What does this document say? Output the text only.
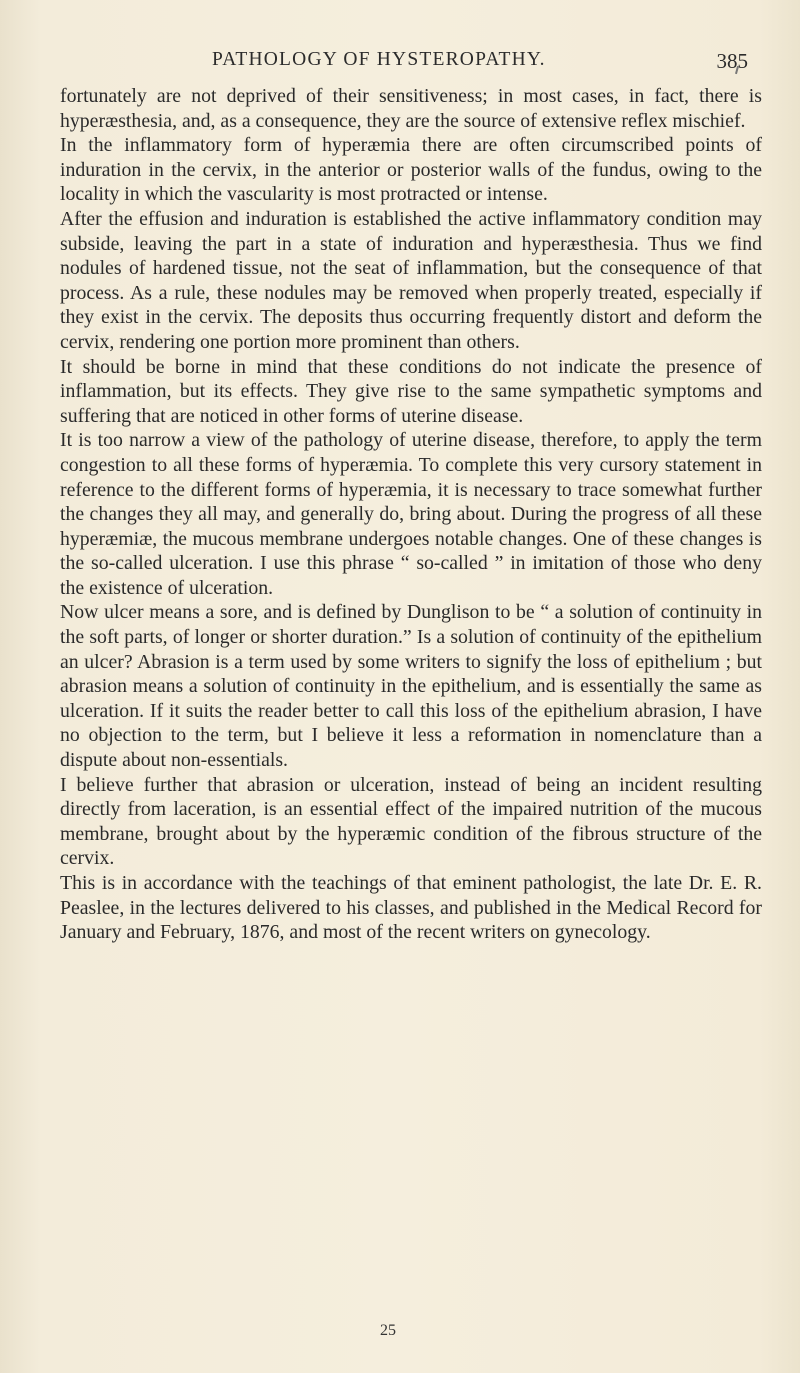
PATHOLOGY OF HYSTEROPATHY.	385

fortunately are not deprived of their sensitiveness; in most cases, in fact, there is hyperæsthesia, and, as a consequence, they are the source of extensive reflex mischief.

In the inflammatory form of hyperæmia there are often circumscribed points of induration in the cervix, in the anterior or posterior walls of the fundus, owing to the locality in which the vascularity is most protracted or intense.

After the effusion and induration is established the active inflammatory condition may subside, leaving the part in a state of induration and hyperæsthesia. Thus we find nodules of hardened tissue, not the seat of inflammation, but the consequence of that process. As a rule, these nodules may be removed when properly treated, especially if they exist in the cervix. The deposits thus occurring frequently distort and deform the cervix, rendering one portion more prominent than others.

It should be borne in mind that these conditions do not indicate the presence of inflammation, but its effects. They give rise to the same sympathetic symptoms and suffering that are noticed in other forms of uterine disease.

It is too narrow a view of the pathology of uterine disease, therefore, to apply the term congestion to all these forms of hyperæmia. To complete this very cursory statement in reference to the different forms of hyperæmia, it is necessary to trace somewhat further the changes they all may, and generally do, bring about. During the progress of all these hyperæmiæ, the mucous membrane undergoes notable changes. One of these changes is the so-called ulceration. I use this phrase “ so-called ” in imitation of those who deny the existence of ulceration.

Now ulcer means a sore, and is defined by Dunglison to be “ a solution of continuity in the soft parts, of longer or shorter duration.” Is a solution of continuity of the epithelium an ulcer? Abrasion is a term used by some writers to signify the loss of epithelium ; but abrasion means a solution of continuity in the epithelium, and is essentially the same as ulceration. If it suits the reader better to call this loss of the epithelium abrasion, I have no objection to the term, but I believe it less a reformation in nomenclature than a dispute about non-essentials.

I believe further that abrasion or ulceration, instead of being an incident resulting directly from laceration, is an essential effect of the impaired nutrition of the mucous membrane, brought about by the hyperæmic condition of the fibrous structure of the cervix.

This is in accordance with the teachings of that eminent pathologist, the late Dr. E. R. Peaslee, in the lectures delivered to his classes, and published in the Medical Record for January and February, 1876, and most of the recent writers on gynecology.

25
